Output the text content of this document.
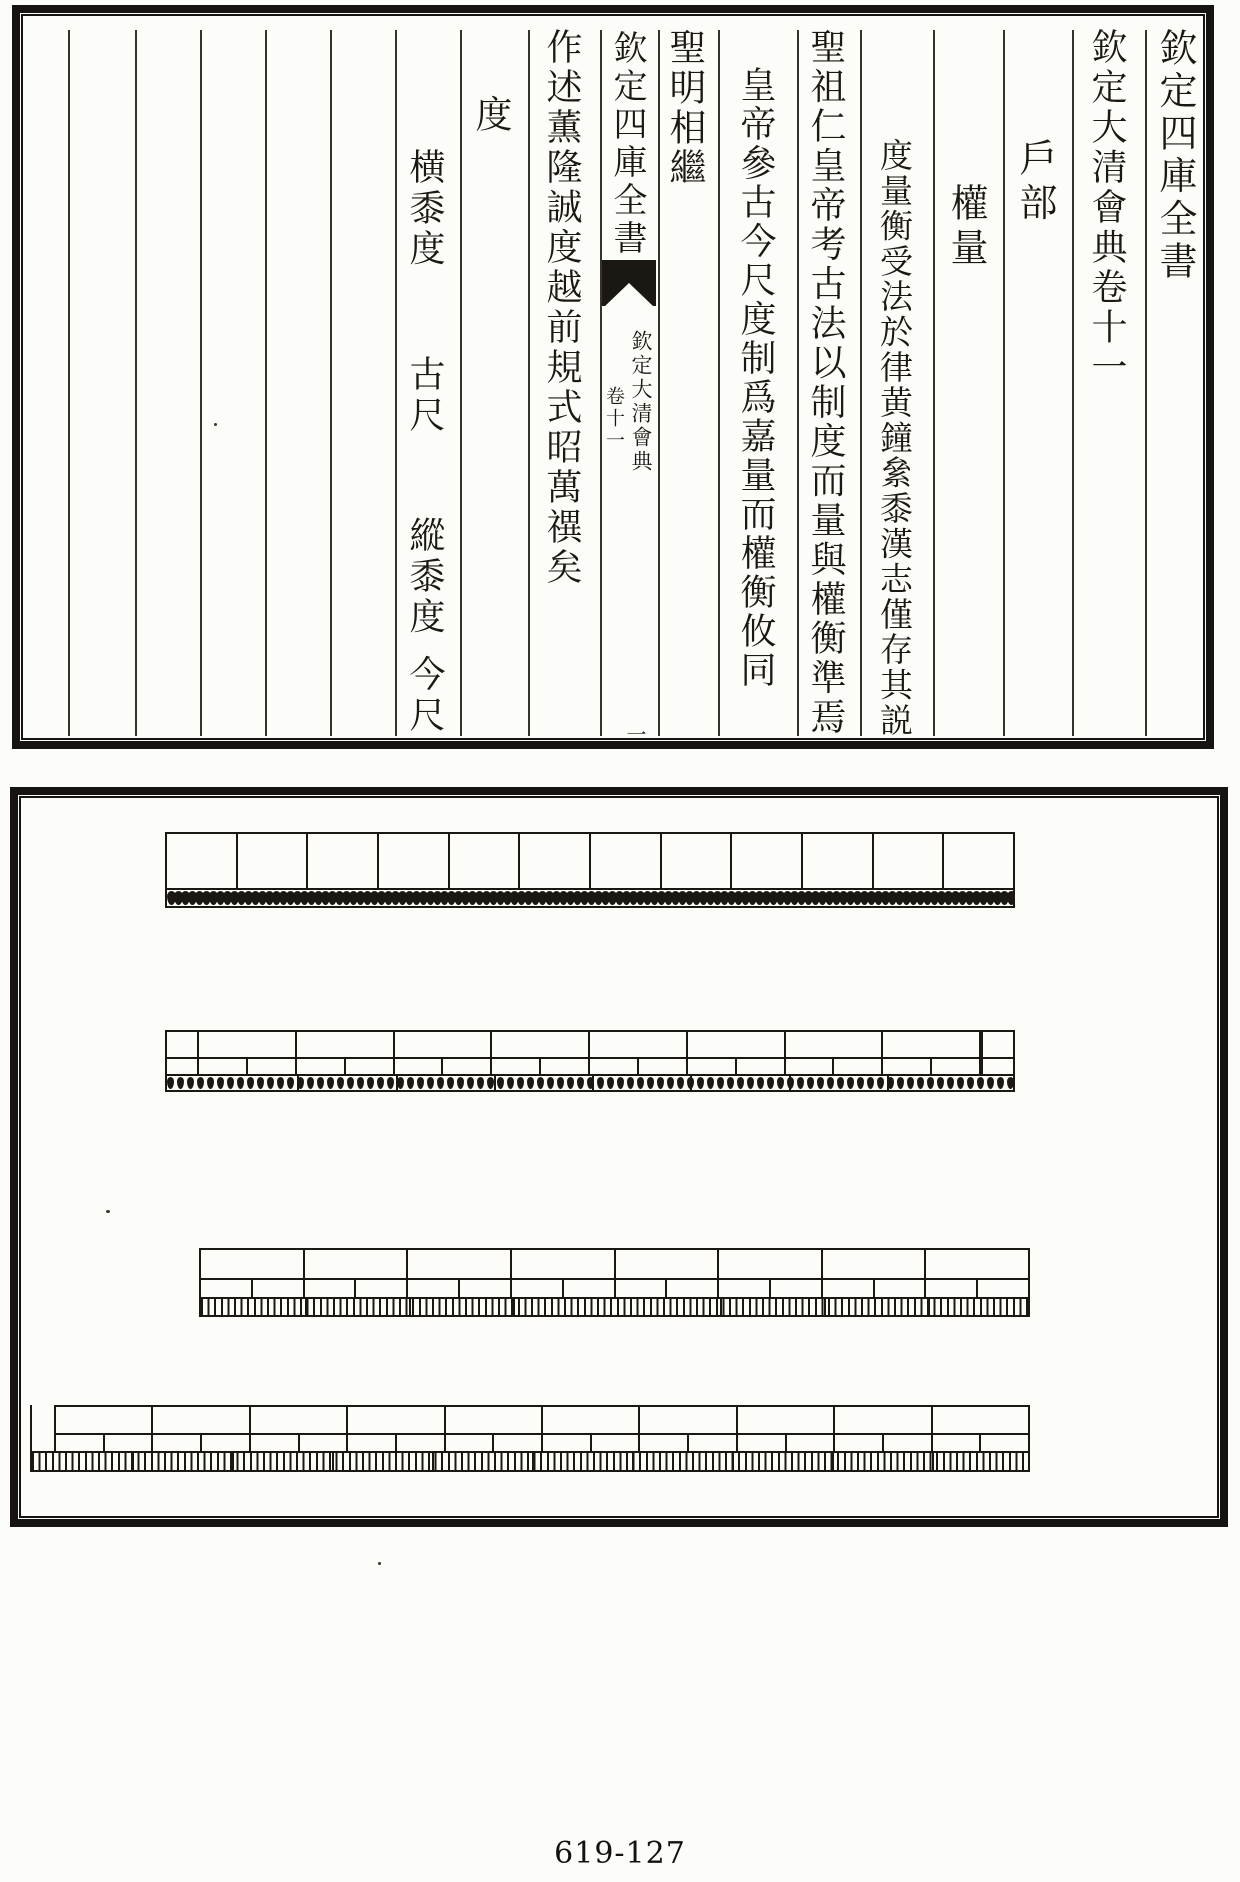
欽定四庫全書
欽定大清會典
卷十一
一
619-127
欽定四庫全書
欽定大清會典卷十一
戶部
權量
度量衡受法於律黄鐘絫黍漢志僅存其説
聖祖仁皇帝考古法以制度而量與權衡準焉
皇帝參古今尺度制爲嘉量而權衡攸同
聖明相繼
作述薫隆誠度越前規式昭萬禩矣
度
横黍度
古尺
縱黍度
今尺
